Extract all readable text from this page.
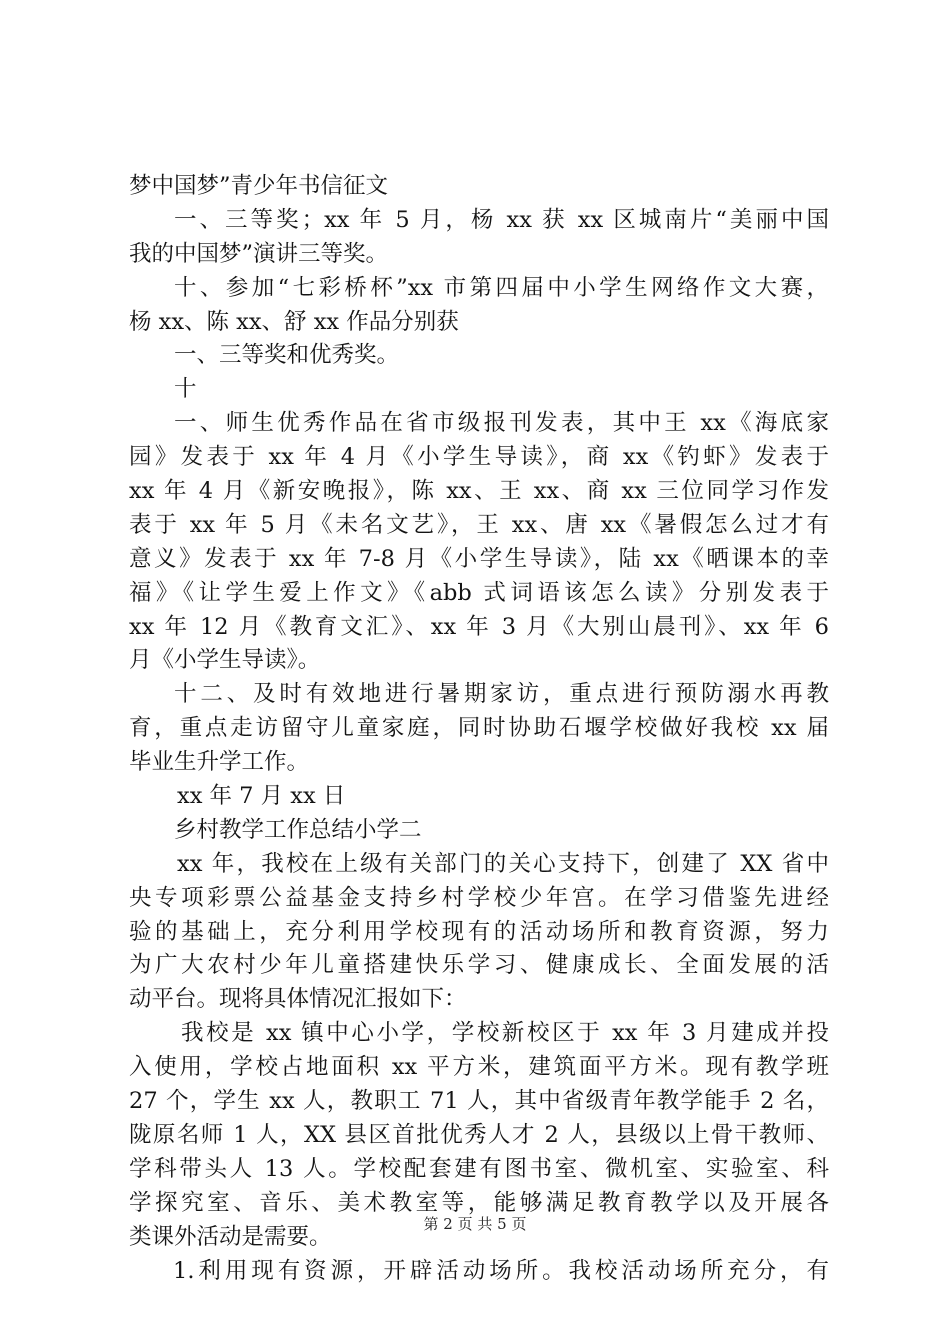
梦中国梦”青少年书信征文
一、三等奖；xx 年 5 月，杨 xx 获 xx 区城南片“美丽中国
我的中国梦”演讲三等奖。
十、参加“七彩桥杯”xx 市第四届中小学生网络作文大赛，
杨 xx、陈 xx、舒 xx 作品分别获
一、三等奖和优秀奖。
十
一、师生优秀作品在省市级报刊发表，其中王 xx《海底家
园》发表于 xx 年 4 月《小学生导读》，商 xx《钓虾》发表于
xx 年 4 月《新安晚报》，陈 xx、王 xx、商 xx 三位同学习作发
表于 xx 年 5 月《未名文艺》，王 xx、唐 xx《暑假怎么过才有
意义》发表于 xx 年 7-8 月《小学生导读》，陆 xx《晒课本的幸
福》《让学生爱上作文》《abb 式词语该怎么读》分别发表于
xx 年 12 月《教育文汇》、xx 年 3 月《大别山晨刊》、xx 年 6
月《小学生导读》。
十二、及时有效地进行暑期家访，重点进行预防溺水再教
育，重点走访留守儿童家庭，同时协助石堰学校做好我校 xx 届
毕业生升学工作。
xx 年 7 月 xx 日
乡村教学工作总结小学二
xx 年，我校在上级有关部门的关心支持下，创建了 XX 省中
央专项彩票公益基金支持乡村学校少年宫。在学习借鉴先进经
验的基础上，充分利用学校现有的活动场所和教育资源，努力
为广大农村少年儿童搭建快乐学习、健康成长、全面发展的活
动平台。现将具体情况汇报如下：
我校是 xx 镇中心小学，学校新校区于 xx 年 3 月建成并投
入使用，学校占地面积 xx 平方米，建筑面平方米。现有教学班
27 个，学生 xx 人，教职工 71 人，其中省级青年教学能手 2 名，
陇原名师 1 人，XX 县区首批优秀人才 2 人，县级以上骨干教师、
学科带头人 13 人。学校配套建有图书室、微机室、实验室、科
学探究室、音乐、美术教室等，能够满足教育教学以及开展各
类课外活动是需要。
1.利用现有资源，开辟活动场所。我校活动场所充分，有
第 2 页 共 5 页
